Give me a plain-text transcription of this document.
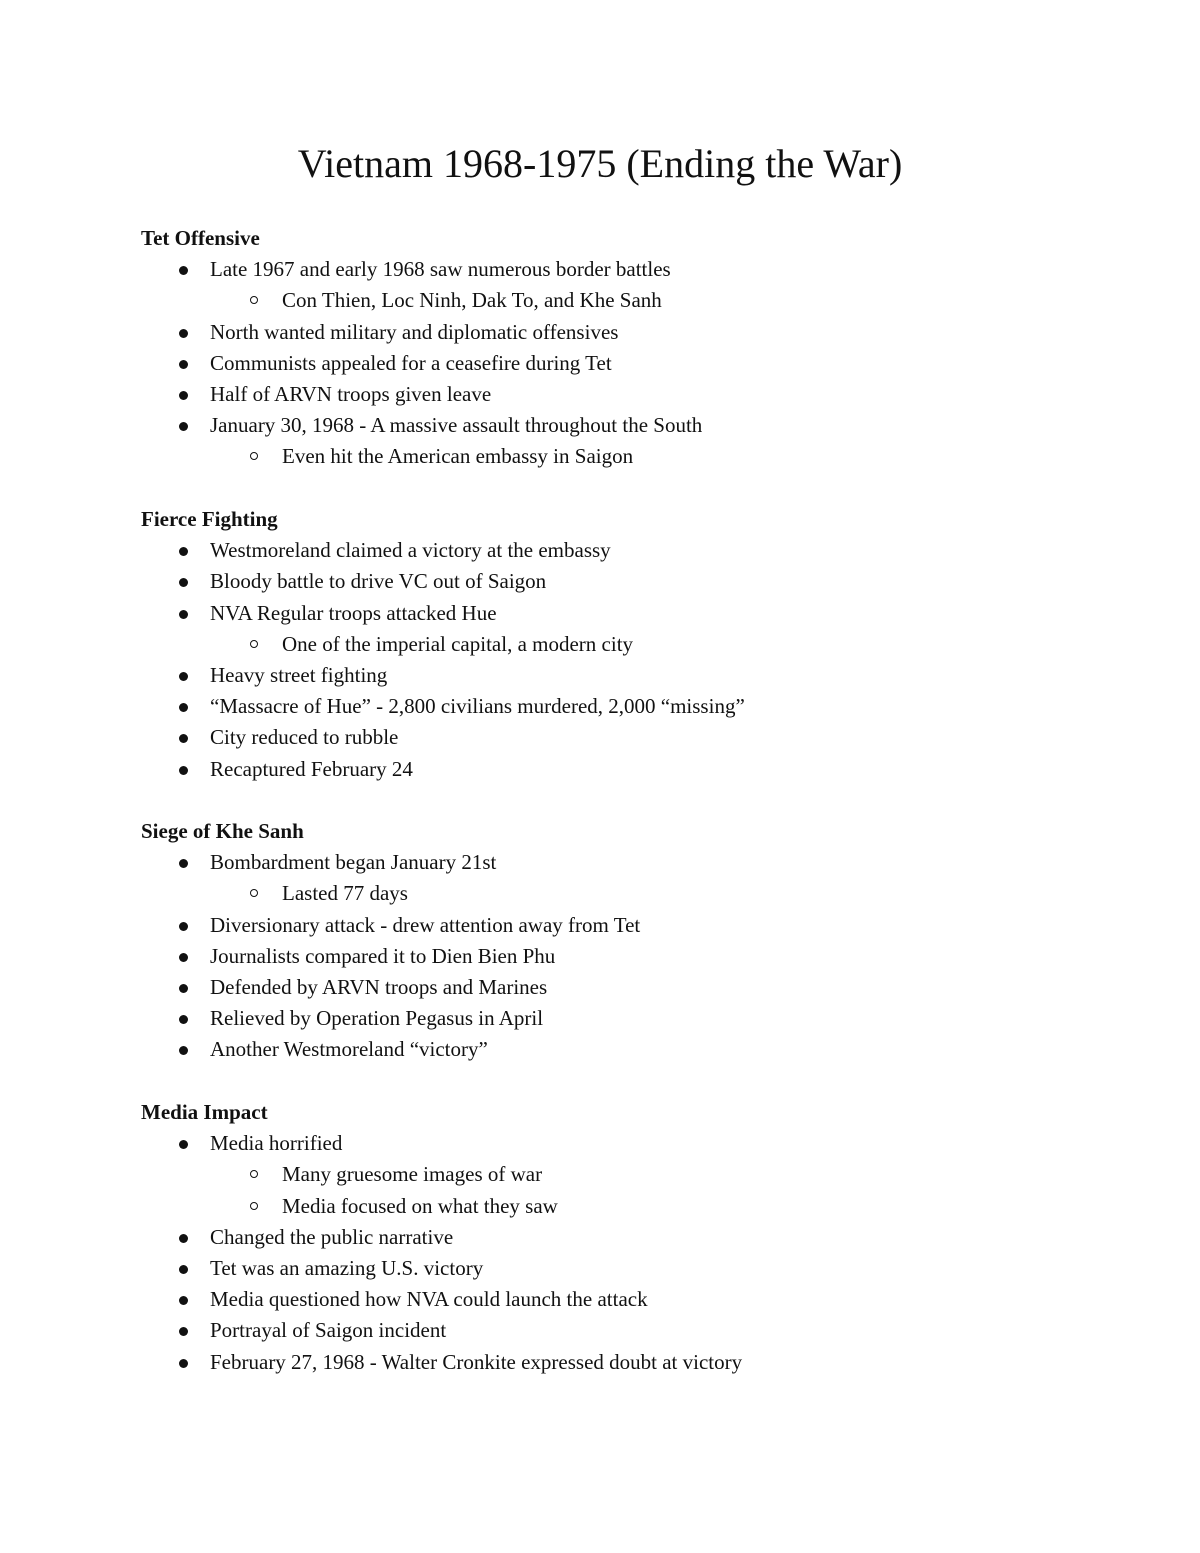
Vietnam 1968-1975 (Ending the War)
Tet Offensive
Late 1967 and early 1968 saw numerous border battles
Con Thien, Loc Ninh, Dak To, and Khe Sanh
North wanted military and diplomatic offensives
Communists appealed for a ceasefire during Tet
Half of ARVN troops given leave
January 30, 1968 - A massive assault throughout the South
Even hit the American embassy in Saigon
Fierce Fighting
Westmoreland claimed a victory at the embassy
Bloody battle to drive VC out of Saigon
NVA Regular troops attacked Hue
One of the imperial capital, a modern city
Heavy street fighting
“Massacre of Hue” - 2,800 civilians murdered, 2,000 “missing”
City reduced to rubble
Recaptured February 24
Siege of Khe Sanh
Bombardment began January 21st
Lasted 77 days
Diversionary attack - drew attention away from Tet
Journalists compared it to Dien Bien Phu
Defended by ARVN troops and Marines
Relieved by Operation Pegasus in April
Another Westmoreland “victory”
Media Impact
Media horrified
Many gruesome images of war
Media focused on what they saw
Changed the public narrative
Tet was an amazing U.S. victory
Media questioned how NVA could launch the attack
Portrayal of Saigon incident
February 27, 1968 - Walter Cronkite expressed doubt at victory
